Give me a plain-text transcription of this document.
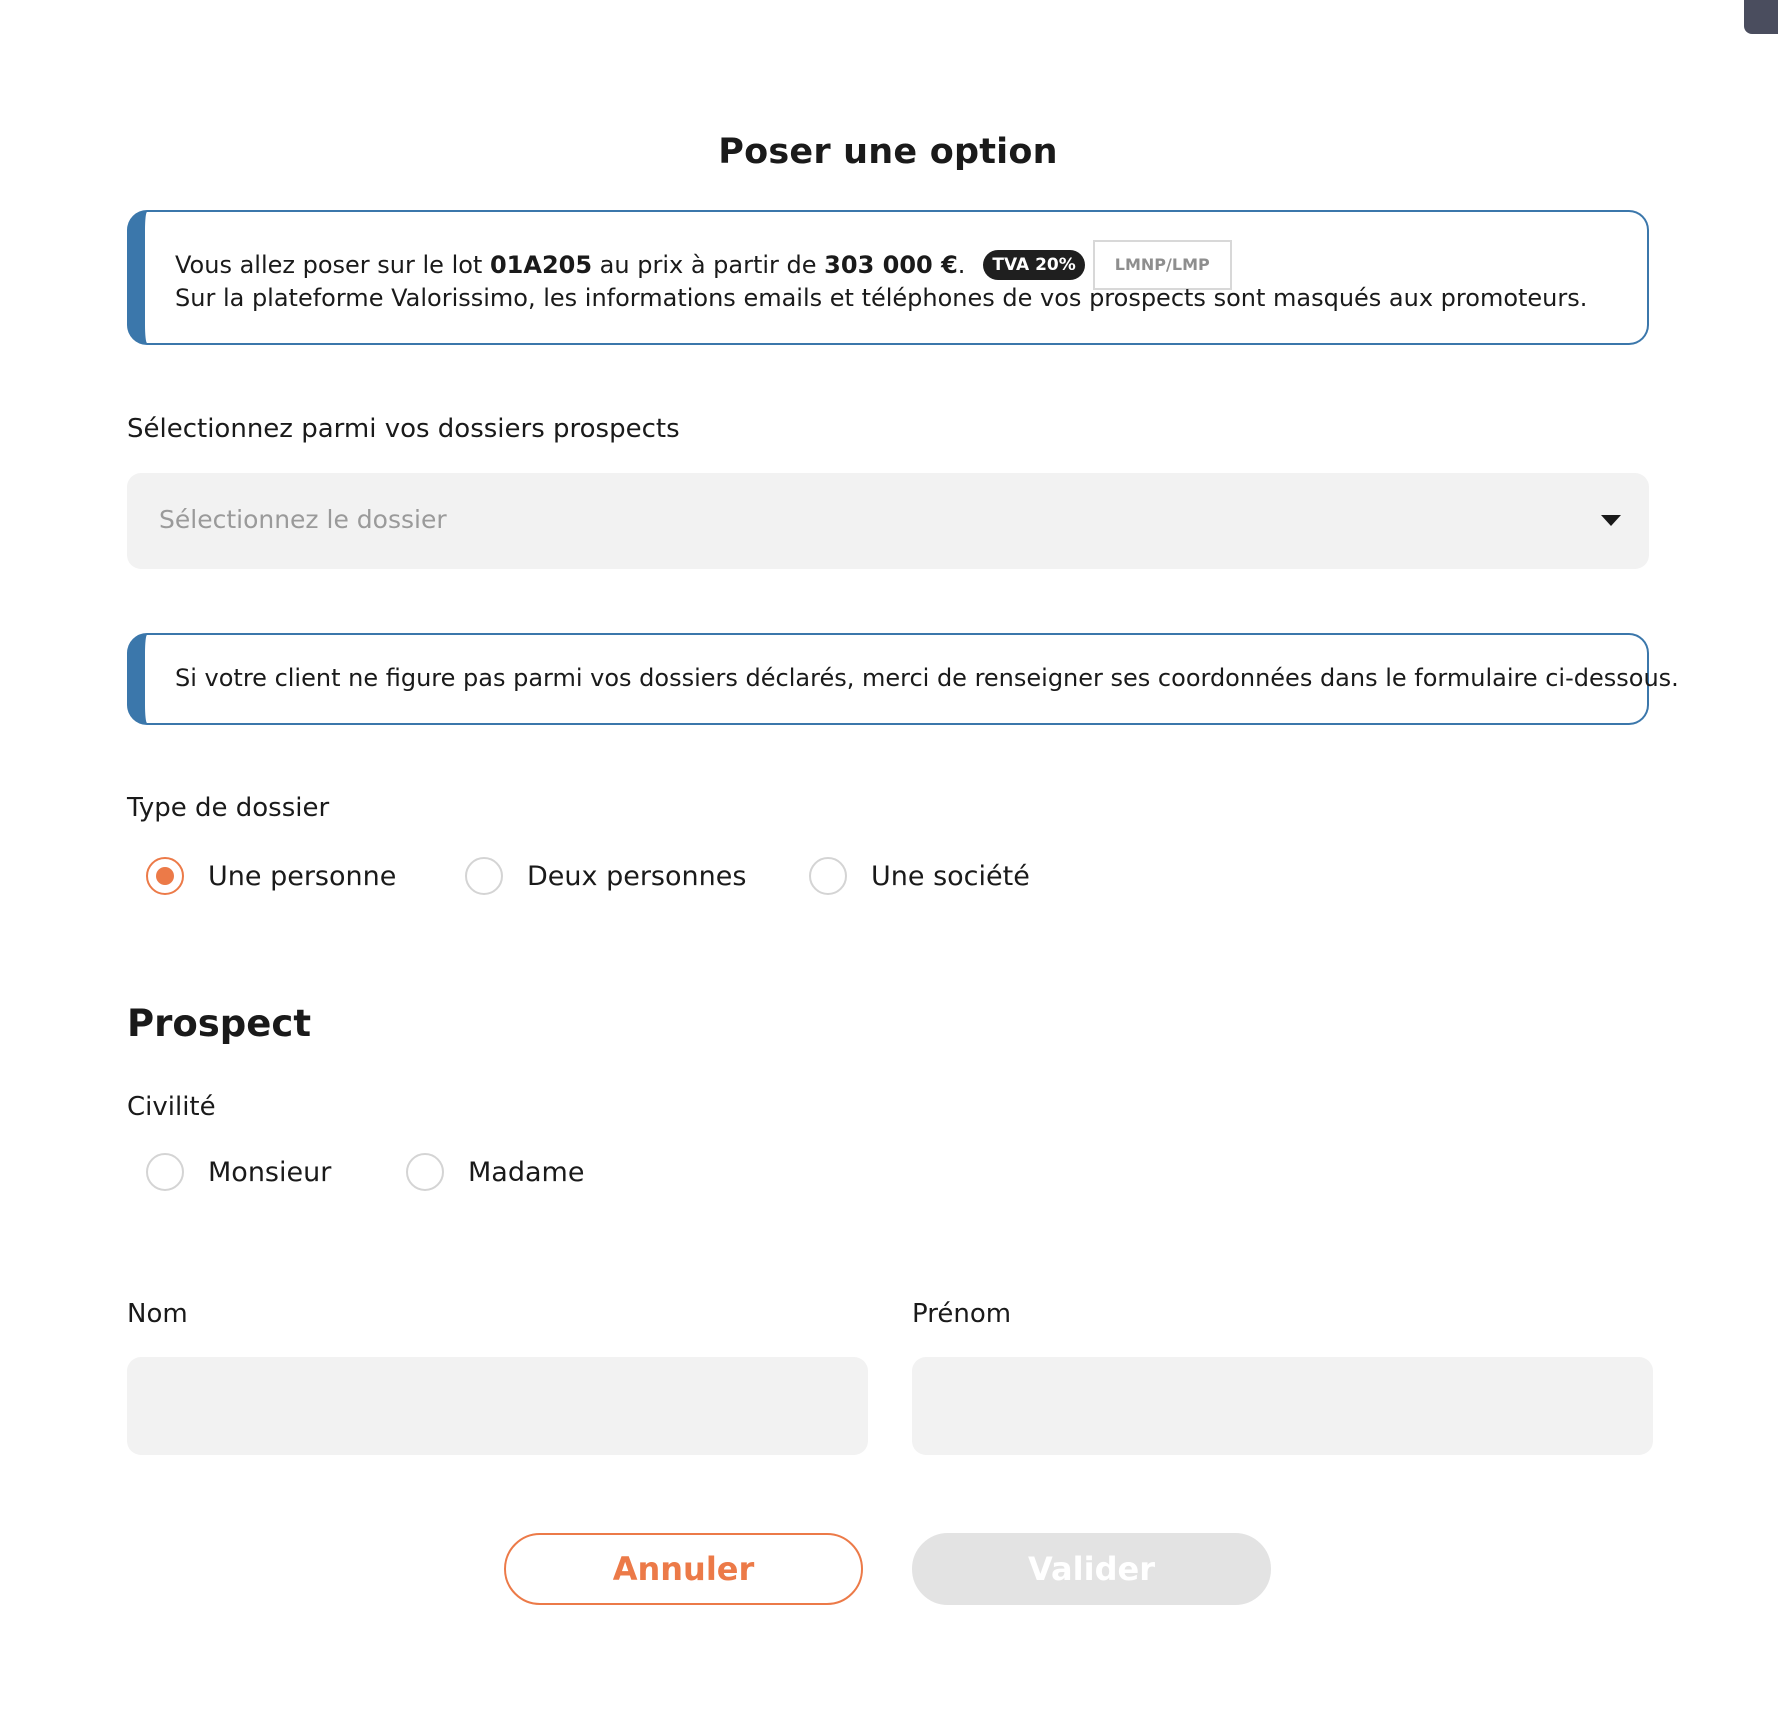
Poser une option
Vous allez poser sur le lot 01A205 au prix à partir de 303 000 €.	TVA 20%	LMNP/LMP
Sur la plateforme Valorissimo, les informations emails et téléphones de vos prospects sont masqués aux promoteurs.
Sélectionnez parmi vos dossiers prospects
Sélectionnez le dossier
Si votre client ne figure pas parmi vos dossiers déclarés, merci de renseigner ses coordonnées dans le formulaire ci-dessous.
Type de dossier
Une personne	Deux personnes	Une société
Prospect
Civilité
Monsieur	Madame
Nom	Prénom
Annuler	Valider
